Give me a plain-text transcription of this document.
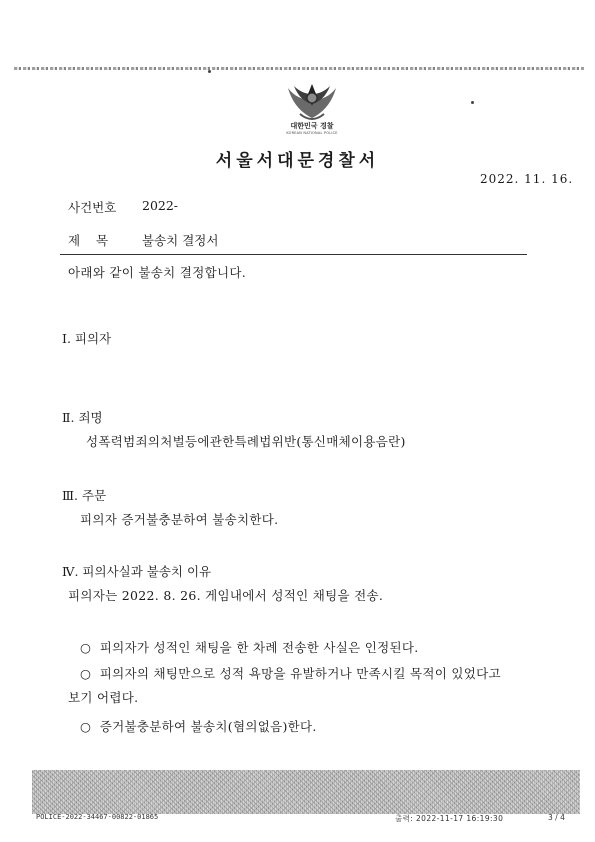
대한민국 경찰
KOREAN NATIONAL POLICE
서울서대문경찰서
2022. 11. 16.
사건번호 2022-
제    목	불송치 결정서
아래와 같이 불송치 결정합니다.
Ⅰ. 피의자
Ⅱ. 죄명
성폭력범죄의처벌등에관한특례법위반(통신매체이용음란)
Ⅲ. 주문
피의자 증거불충분하여 불송치한다.
Ⅳ. 피의사실과 불송치 이유
피의자는 2022. 8. 26. 게임내에서 성적인 채팅을 전송.
○  피의자가 성적인 채팅을 한 차례 전송한 사실은 인정된다.
○  피의자의 채팅만으로 성적 욕망을 유발하거나 만족시킬 목적이 있었다고
보기 어렵다.
○  증거불충분하여 불송치(혐의없음)한다.
POLICE-2022-34467-00822-01865	출력: 2022-11-17 16:19:30	3 / 4
